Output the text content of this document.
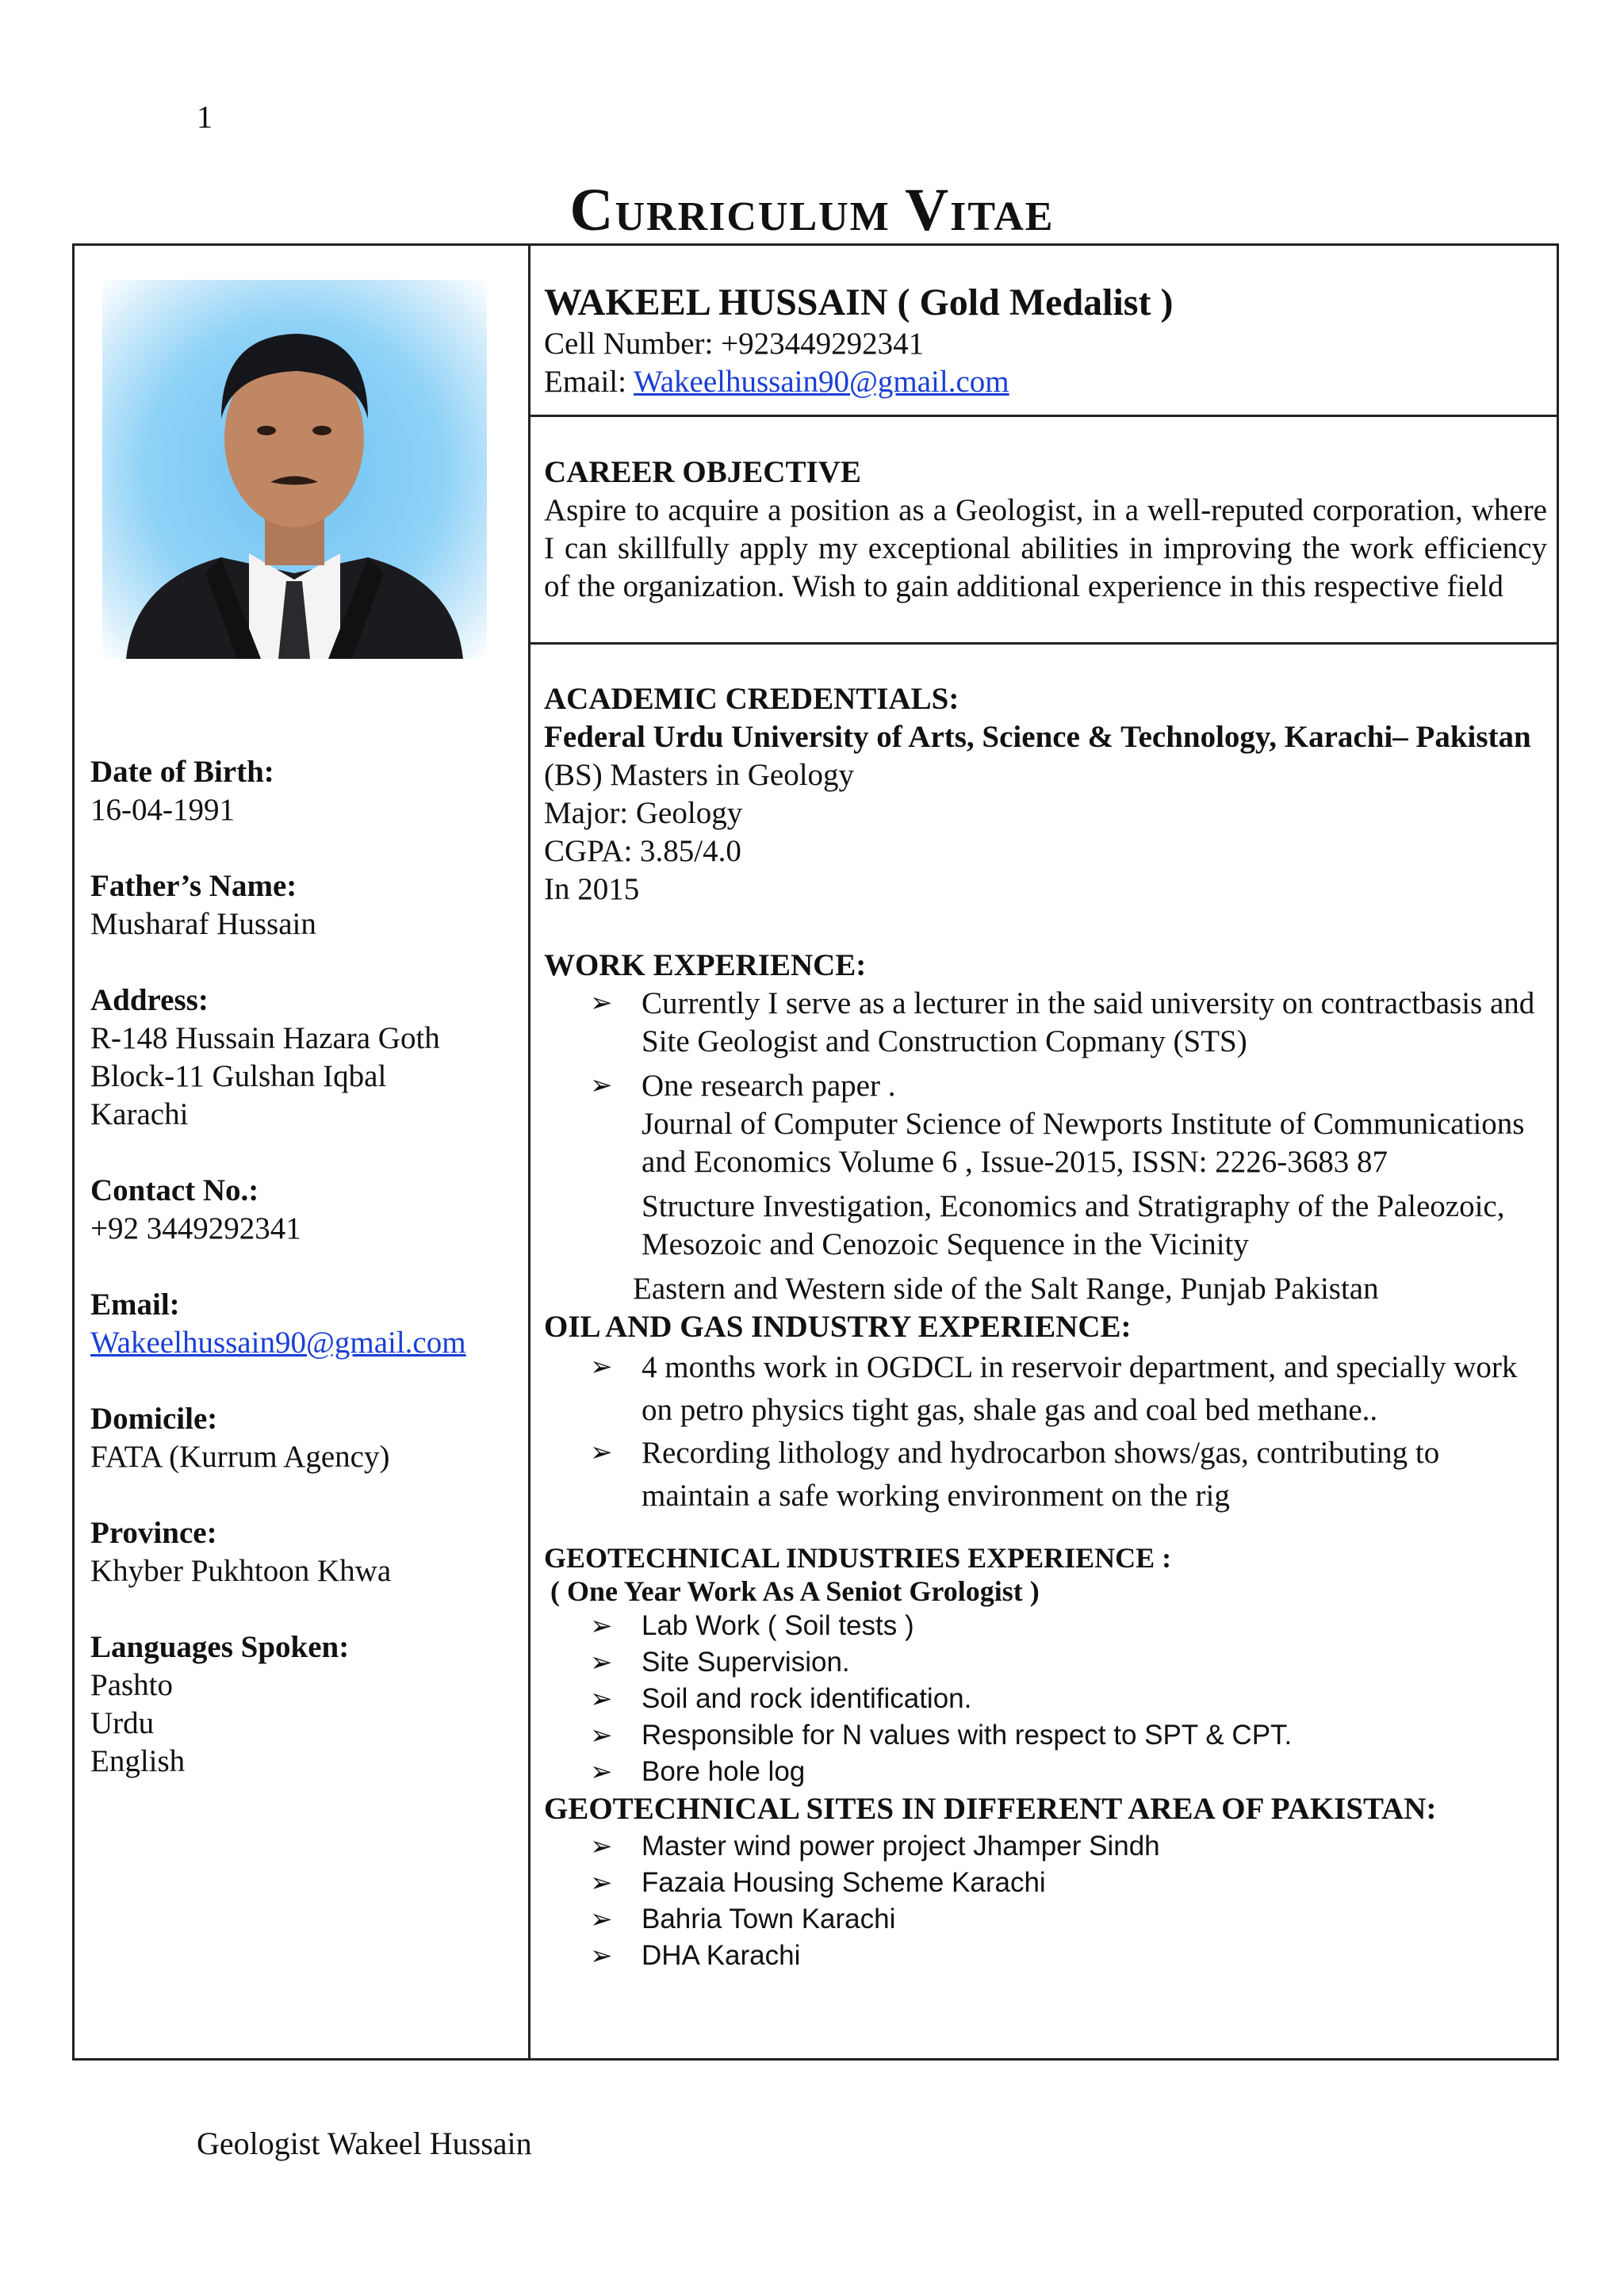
1
CURRICULUM VITAE
Date of Birth:
16-04-1991
Father’s Name:
Musharaf Hussain
Address:
R-148 Hussain Hazara Goth
Block-11 Gulshan Iqbal
Karachi
Contact No.:
+92 3449292341
Email:
Wakeelhussain90@gmail.com
Domicile:
FATA (Kurrum Agency)
Province:
Khyber Pukhtoon Khwa
Languages Spoken:
Pashto
Urdu
English
WAKEEL HUSSAIN ( Gold Medalist )
Cell Number: +923449292341
Email: Wakeelhussain90@gmail.com
CAREER OBJECTIVE
Aspire to acquire a position as a Geologist, in a well-reputed corporation, where I can skillfully apply my exceptional abilities in improving the work efficiency of the organization. Wish to gain additional experience in this respective field
ACADEMIC CREDENTIALS:
Federal Urdu University of Arts, Science & Technology, Karachi– Pakistan
(BS) Masters in Geology
Major: Geology
CGPA: 3.85/4.0
In 2015
WORK EXPERIENCE:
➢ Currently I serve as a lecturer in the said university on contractbasis and Site Geologist and Construction Copmany (STS)
➢ One research paper .
Journal of Computer Science of Newports Institute of Communications and Economics Volume 6 , Issue-2015, ISSN: 2226-3683 87
Structure Investigation, Economics and Stratigraphy of the Paleozoic, Mesozoic and Cenozoic Sequence in the Vicinity
Eastern and Western side of the Salt Range, Punjab Pakistan
OIL AND GAS INDUSTRY EXPERIENCE:
➢ 4 months work in OGDCL in reservoir department, and specially work on petro physics tight gas, shale gas and coal bed methane..
➢ Recording lithology and hydrocarbon shows/gas, contributing to maintain a safe working environment on the rig
GEOTECHNICAL INDUSTRIES EXPERIENCE :
( One Year Work As A Seniot Grologist )
➢ Lab Work ( Soil tests )
➢ Site Supervision.
➢ Soil and rock identification.
➢ Responsible for N values with respect to SPT & CPT.
➢ Bore hole log
GEOTECHNICAL SITES IN DIFFERENT AREA OF PAKISTAN:
➢ Master wind power project Jhamper Sindh
➢ Fazaia Housing Scheme Karachi
➢ Bahria Town Karachi
➢ DHA Karachi
Geologist Wakeel Hussain
